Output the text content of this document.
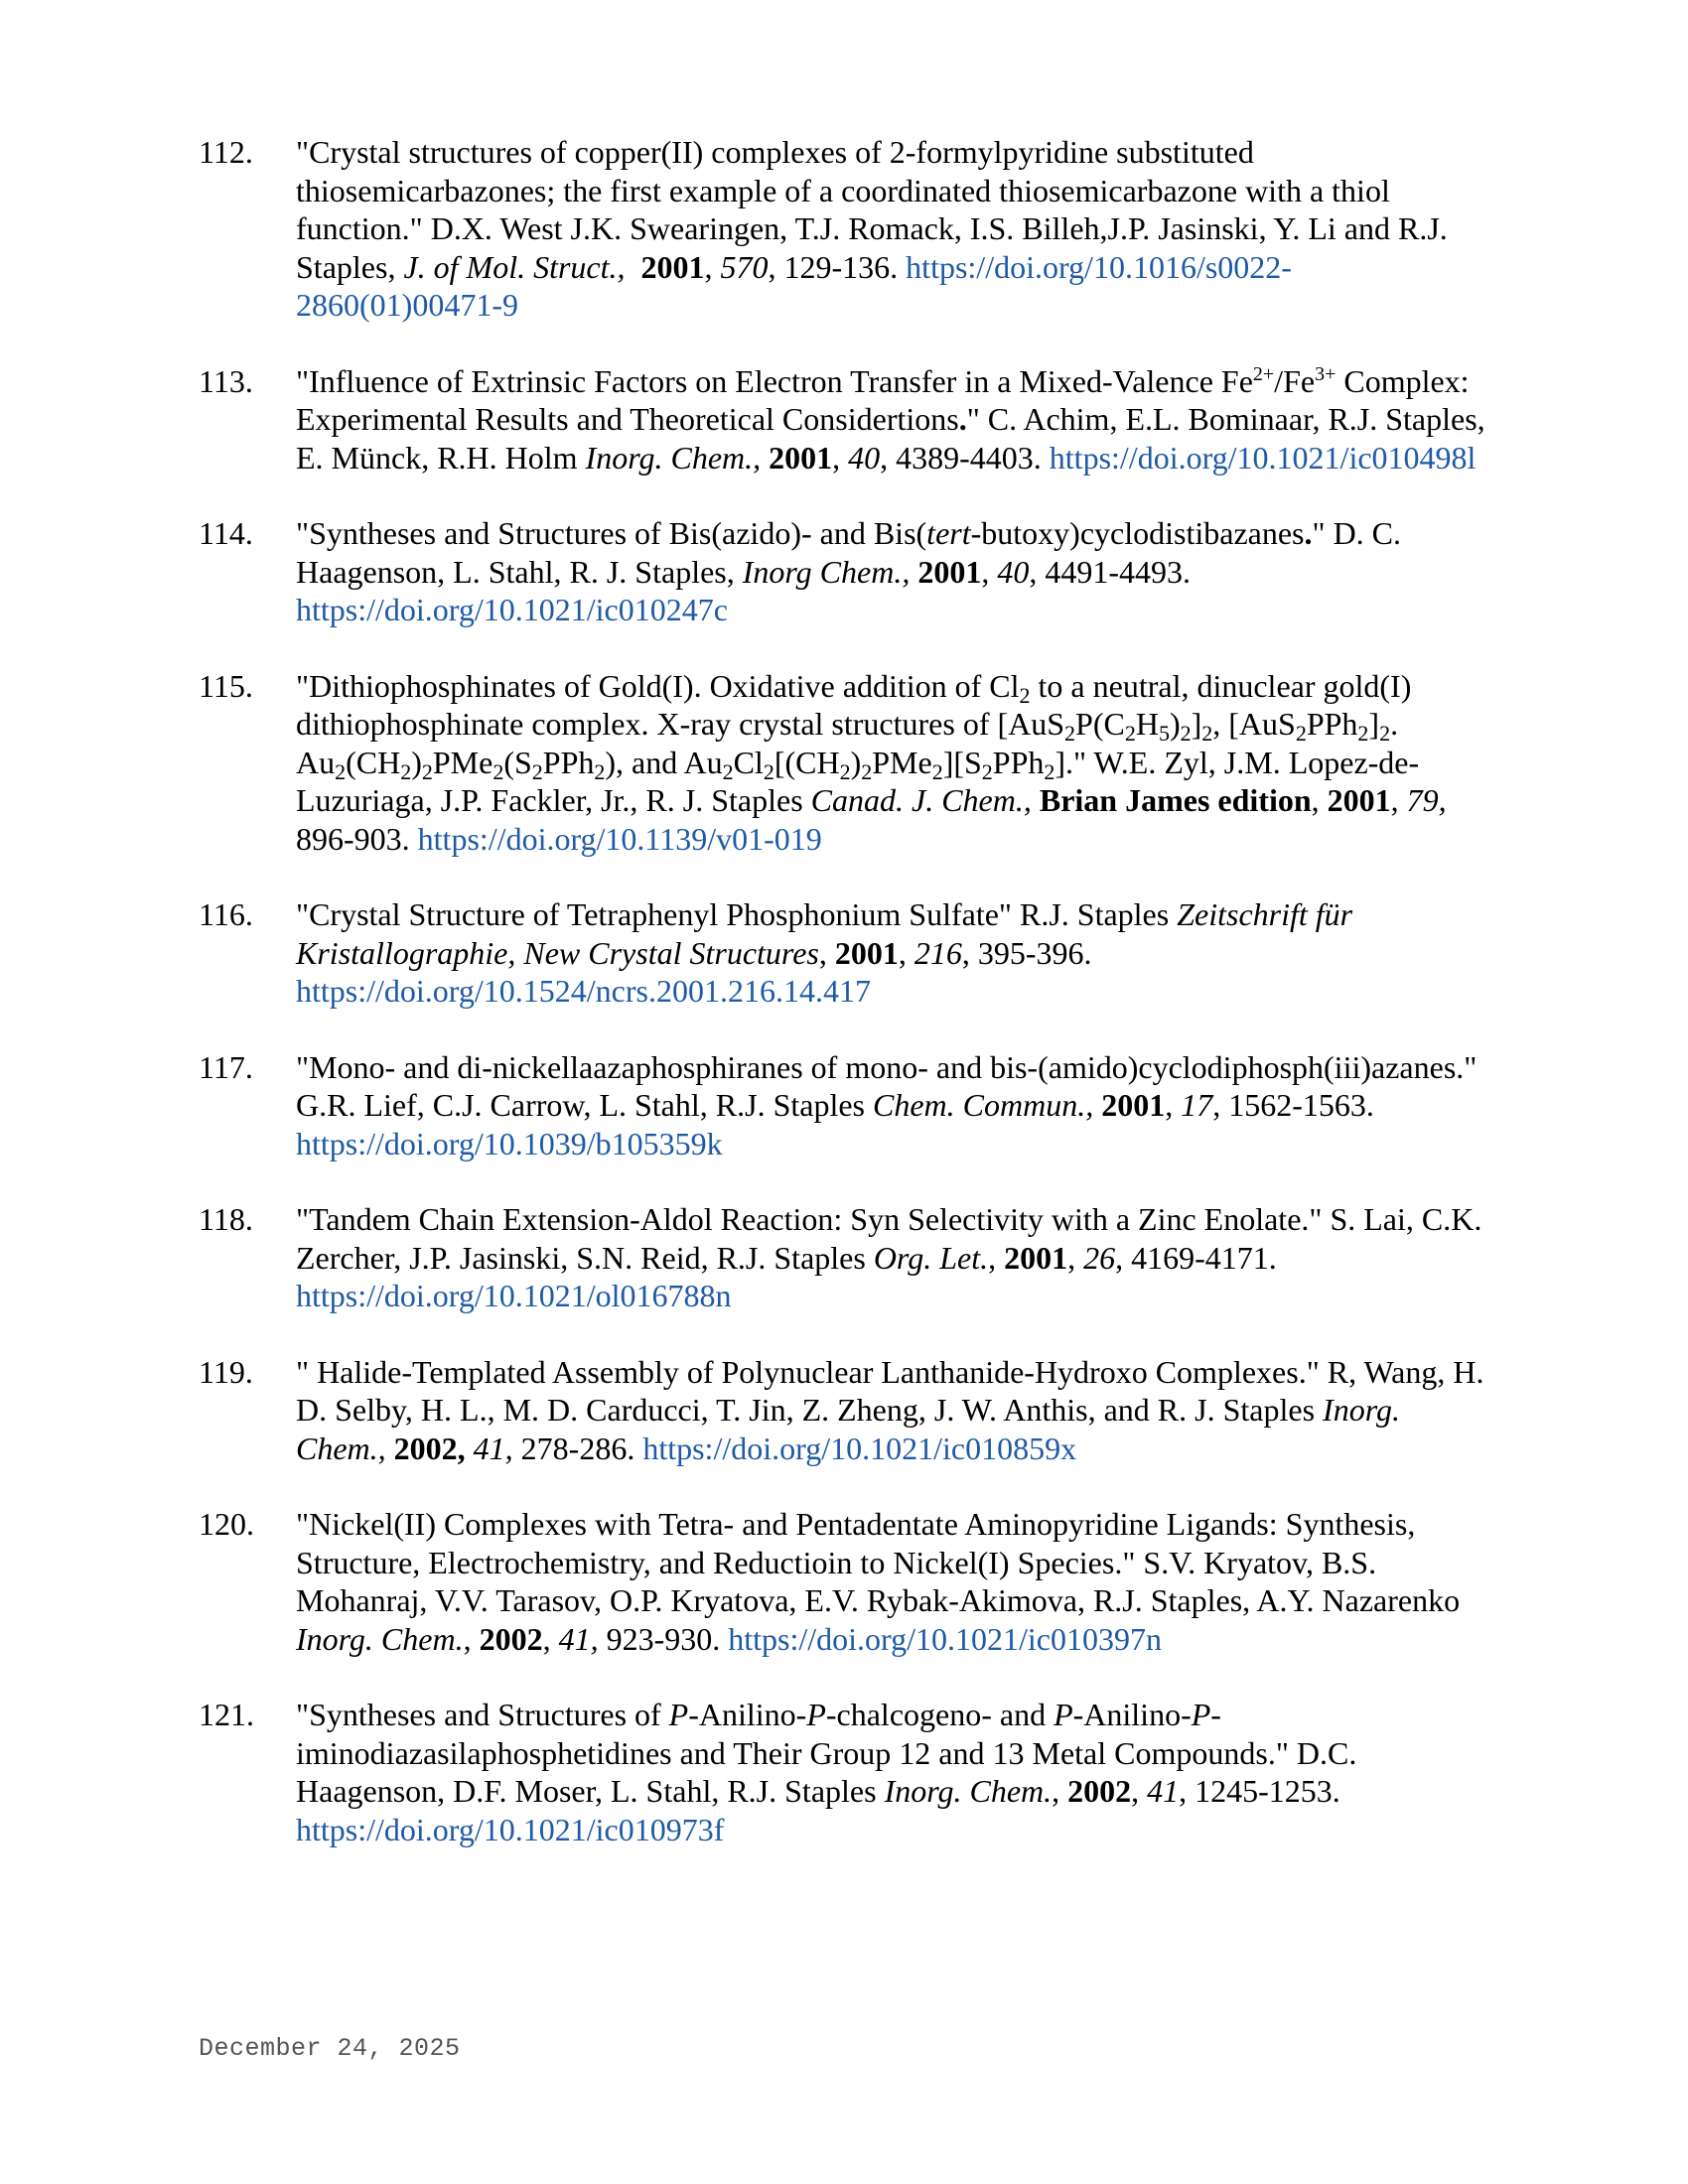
112.	"Crystal structures of copper(II) complexes of 2-formylpyridine substituted thiosemicarbazones; the first example of a coordinated thiosemicarbazone with a thiol function." D.X. West J.K. Swearingen, T.J. Romack, I.S. Billeh,J.P. Jasinski, Y. Li and R.J. Staples, J. of Mol. Struct., 2001, 570, 129-136. https://doi.org/10.1016/s0022-2860(01)00471-9
113.	"Influence of Extrinsic Factors on Electron Transfer in a Mixed-Valence $Fe^{2+}/Fe^{3+}$ Complex: Experimental Results and Theoretical Considertions." C. Achim, E.L. Bominaar, R.J. Staples, E. Münck, R.H. Holm Inorg. Chem., 2001, 40, 4389-4403. https://doi.org/10.1021/ic010498l
114.	"Syntheses and Structures of Bis(azido)- and Bis(tert-butoxy)cyclodistibazanes." D. C. Haagenson, L. Stahl, R. J. Staples, Inorg Chem., 2001, 40, 4491-4493. https://doi.org/10.1021/ic010247c
115.	"Dithiophosphinates of Gold(I). Oxidative addition of $Cl_2$ to a neutral, dinuclear gold(I) dithiophosphinate complex. X-ray crystal structures of $[AuS_2P(C_2H_5)_2]_2$, $[AuS_2PPh_2]_2$. $Au_2(CH_2)_2PMe_2(S_2PPh_2)$, and $Au_2Cl_2[(CH_2)_2PMe_2][S_2PPh_2]$." W.E. Zyl, J.M. Lopez-de-Luzuriaga, J.P. Fackler, Jr., R. J. Staples Canad. J. Chem., Brian James edition, 2001, 79, 896-903. https://doi.org/10.1139/v01-019
116.	"Crystal Structure of Tetraphenyl Phosphonium Sulfate" R.J. Staples Zeitschrift für Kristallographie, New Crystal Structures, 2001, 216, 395-396. https://doi.org/10.1524/ncrs.2001.216.14.417
117.	"Mono- and di-nickellaazaphosphiranes of mono- and bis-(amido)cyclodiphosph(iii)azanes." G.R. Lief, C.J. Carrow, L. Stahl, R.J. Staples Chem. Commun., 2001, 17, 1562-1563. https://doi.org/10.1039/b105359k
118.	"Tandem Chain Extension-Aldol Reaction: Syn Selectivity with a Zinc Enolate." S. Lai, C.K. Zercher, J.P. Jasinski, S.N. Reid, R.J. Staples Org. Let., 2001, 26, 4169-4171. https://doi.org/10.1021/ol016788n
119.	" Halide-Templated Assembly of Polynuclear Lanthanide-Hydroxo Complexes." R, Wang, H. D. Selby, H. L., M. D. Carducci, T. Jin, Z. Zheng, J. W. Anthis, and R. J. Staples Inorg. Chem., 2002, 41, 278-286. https://doi.org/10.1021/ic010859x
120.	"Nickel(II) Complexes with Tetra- and Pentadentate Aminopyridine Ligands: Synthesis, Structure, Electrochemistry, and Reductioin to Nickel(I) Species." S.V. Kryatov, B.S. Mohanraj, V.V. Tarasov, O.P. Kryatova, E.V. Rybak-Akimova, R.J. Staples, A.Y. Nazarenko  Inorg. Chem., 2002, 41, 923-930. https://doi.org/10.1021/ic010397n
121.	"Syntheses and Structures of P-Anilino-P-chalcogeno- and P-Anilino-P-iminodiazasilaphosphetidines and Their Group 12 and 13 Metal Compounds." D.C. Haagenson, D.F. Moser, L. Stahl, R.J. Staples Inorg. Chem., 2002, 41, 1245-1253. https://doi.org/10.1021/ic010973f
December 24, 2025
